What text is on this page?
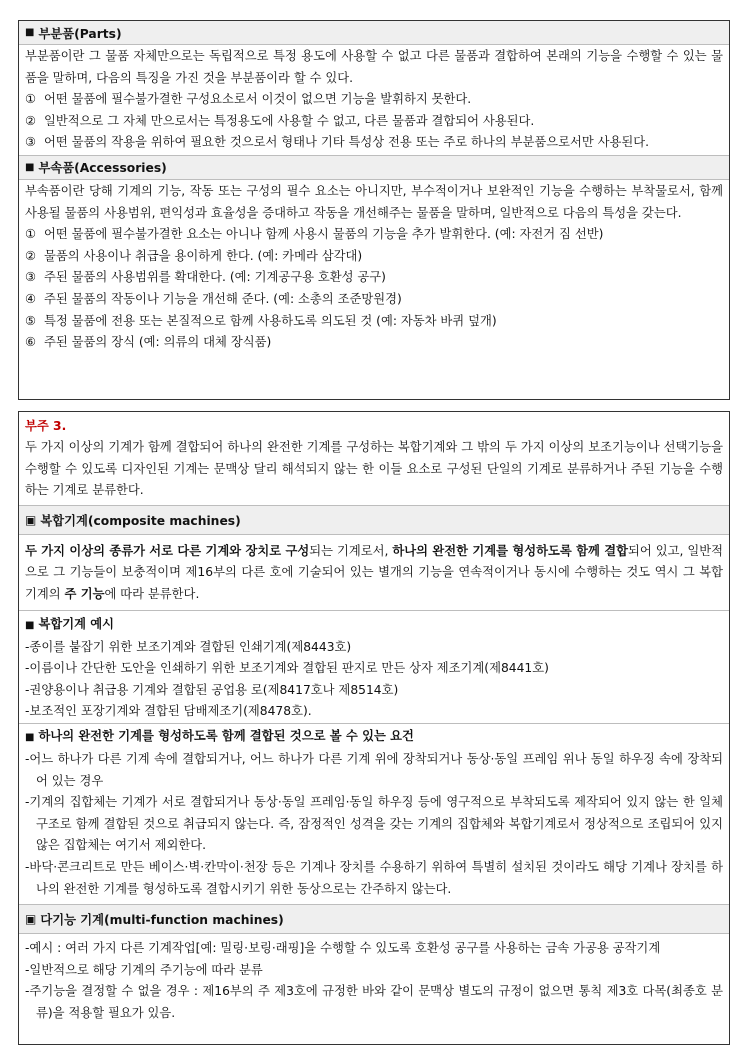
■ 부분품(Parts)

부분품이란 그 물품 자체만으로는 독립적으로 특정 용도에 사용할 수 없고 다른 물품과 결합하여 본래의 기능을 수행할 수 있는 물품을 말하며, 다음의 특징을 가진 것을 부분품이라 할 수 있다.

① 어떤 물품에 필수불가결한 구성요소로서 이것이 없으면 기능을 발휘하지 못한다.
② 일반적으로 그 자체 만으로서는 특정용도에 사용할 수 없고, 다른 물품과 결합되어 사용된다.
③ 어떤 물품의 작용을 위하여 필요한 것으로서 형태나 기타 특성상 전용 또는 주로 하나의 부분품으로서만 사용된다.
■ 부속품(Accessories)

부속품이란 당해 기계의 기능, 작동 또는 구성의 필수 요소는 아니지만, 부수적이거나 보완적인 기능을 수행하는 부착물로서, 함께 사용될 물품의 사용범위, 편익성과 효율성을 증대하고 작동을 개선해주는 물품을 말하며, 일반적으로 다음의 특성을 갖는다.

① 어떤 물품에 필수불가결한 요소는 아니나 함께 사용시 물품의 기능을 추가 발휘한다. (예: 자전거 짐 선반)
② 물품의 사용이나 취급을 용이하게 한다. (예: 카메라 삼각대)
③ 주된 물품의 사용범위를 확대한다. (예: 기계공구용 호환성 공구)
④ 주된 물품의 작동이나 기능을 개선해 준다. (예: 소총의 조준망원경)
⑤ 특정 물품에 전용 또는 본질적으로 함께 사용하도록 의도된 것 (예: 자동차 바퀴 덮개)
⑥ 주된 물품의 장식 (예: 의류의 대체 장식품)

부주 3.

두 가지 이상의 기계가 함께 결합되어 하나의 완전한 기계를 구성하는 복합기계와 그 밖의 두 가지 이상의 보조기능이나 선택기능을 수행할 수 있도록 디자인된 기계는 문맥상 달리 해석되지 않는 한 이들 요소로 구성된 단일의 기계로 분류하거나 주된 기능을 수행하는 기계로 분류한다.

▣ 복합기계(composite machines)

두 가지 이상의 종류가 서로 다른 기계와 장치로 구성되는 기계로서, 하나의 완전한 기계를 형성하도록 함께 결합되어 있고, 일반적으로 그 기능들이 보충적이며 제16부의 다른 호에 기술되어 있는 별개의 기능을 연속적이거나 동시에 수행하는 것도 역시 그 복합기계의 주 기능에 따라 분류한다.

■ 복합기계 예시

-종이를 붙잡기 위한 보조기계와 결합된 인쇄기계(제8443호)

-이름이나 간단한 도안을 인쇄하기 위한 보조기계와 결합된 판지로 만든 상자 제조기계(제8441호)

-권양용이나 취급용 기계와 결합된 공업용 로(제8417호나 제8514호)

-보조적인 포장기계와 결합된 담배제조기(제8478호).

■ 하나의 완전한 기계를 형성하도록 함께 결합된 것으로 볼 수 있는 요건

-어느 하나가 다른 기계 속에 결합되거나, 어느 하나가 다른 기계 위에 장착되거나 동상·동일 프레임 위나 동일 하우징 속에 장착되어 있는 경우

-기계의 집합체는 기계가 서로 결합되거나 동상·동일 프레임·동일 하우징 등에 영구적으로 부착되도록 제작되어 있지 않는 한 일체 구조로 함께 결합된 것으로 취급되지 않는다. 즉, 잠정적인 성격을 갖는 기계의 집합체와 복합기계로서 정상적으로 조립되어 있지 않은 집합체는 여기서 제외한다.

-바닥·콘크리트로 만든 베이스·벽·칸막이·천장 등은 기계나 장치를 수용하기 위하여 특별히 설치된 것이라도 해당 기계나 장치를 하나의 완전한 기계를 형성하도록 결합시키기 위한 동상으로는 간주하지 않는다.

▣ 다기능 기계(multi-function machines)

-예시 : 여러 가지 다른 기계작업[예: 밀링·보링·래핑]을 수행할 수 있도록 호환성 공구를 사용하는 금속 가공용 공작기계

-일반적으로 해당 기계의 주기능에 따라 분류

-주기능을 결정할 수 없을 경우 : 제16부의 주 제3호에 규정한 바와 같이 문맥상 별도의 규정이 없으면 통칙 제3호 다목(최종호 분류)을 적용할 필요가 있음.
